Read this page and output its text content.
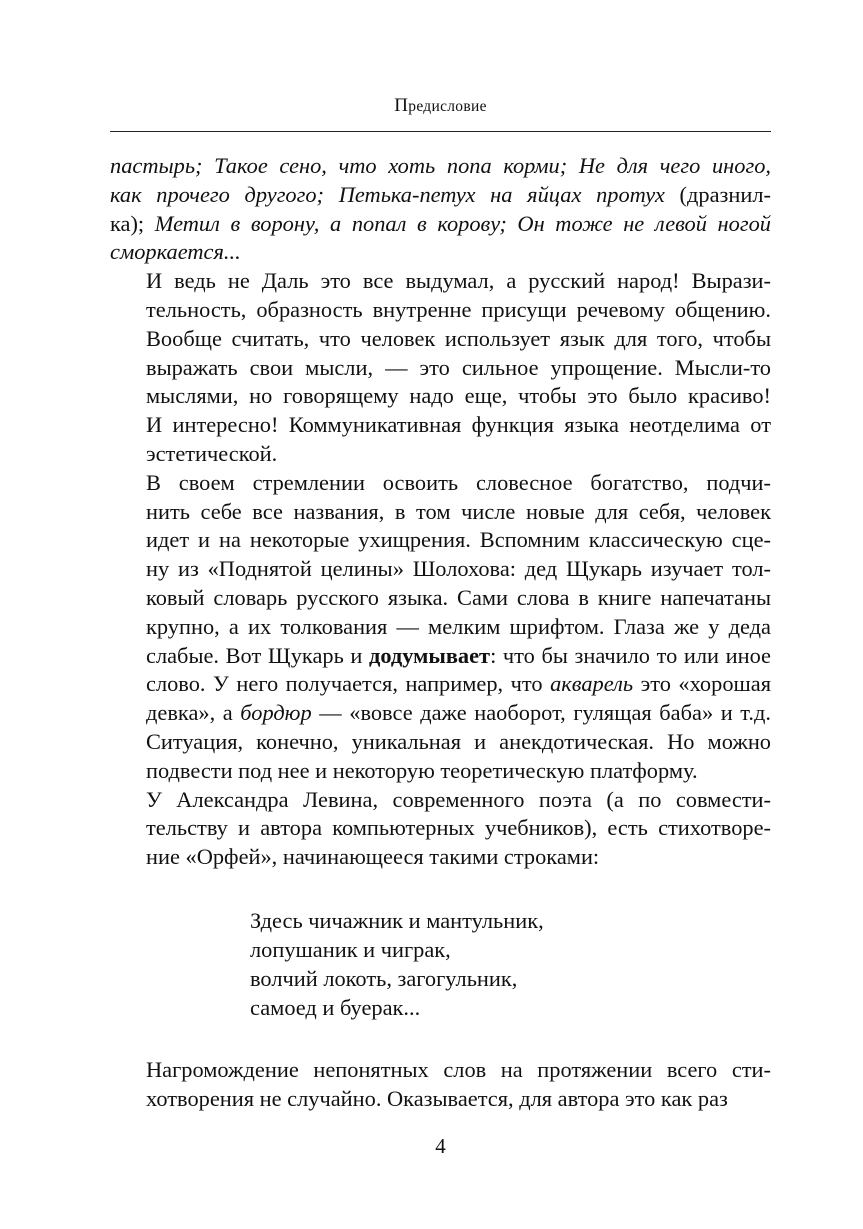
Предисловие

пастырь; Такое сено, что хоть попа корми; Не для чего иного,
как прочего другого; Петька-петух на яйцах протух (дразнил-
ка); Метил в ворону, а попал в корову; Он тоже не левой ногой
сморкается...

И ведь не Даль это все выдумал, а русский народ! Вырази-
тельность, образность внутренне присущи речевому общению.
Вообще считать, что человек использует язык для того, чтобы
выражать свои мысли, — это сильное упрощение. Мысли-то
мыслями, но говорящему надо еще, чтобы это было красиво!
И интересно! Коммуникативная функция языка неотделима от
эстетической.

В своем стремлении освоить словесное богатство, подчи-
нить себе все названия, в том числе новые для себя, человек
идет и на некоторые ухищрения. Вспомним классическую сце-
ну из «Поднятой целины» Шолохова: дед Щукарь изучает тол-
ковый словарь русского языка. Сами слова в книге напечатаны
крупно, а их толкования — мелким шрифтом. Глаза же у деда
слабые. Вот Щукарь и додумывает: что бы значило то или иное
слово. У него получается, например, что акварель это «хорошая
девка», а бордюр — «вовсе даже наоборот, гулящая баба» и т.д.
Ситуация, конечно, уникальная и анекдотическая. Но можно
подвести под нее и некоторую теоретическую платформу.

У Александра Левина, современного поэта (а по совмести-
тельству и автора компьютерных учебников), есть стихотворе-
ние «Орфей», начинающееся такими строками:

Здесь чичажник и мантульник,
лопушаник и чиграк,
волчий локоть, загогульник,
самоед и буерак...

Нагромождение непонятных слов на протяжении всего сти-
хотворения не случайно. Оказывается, для автора это как раз

4
